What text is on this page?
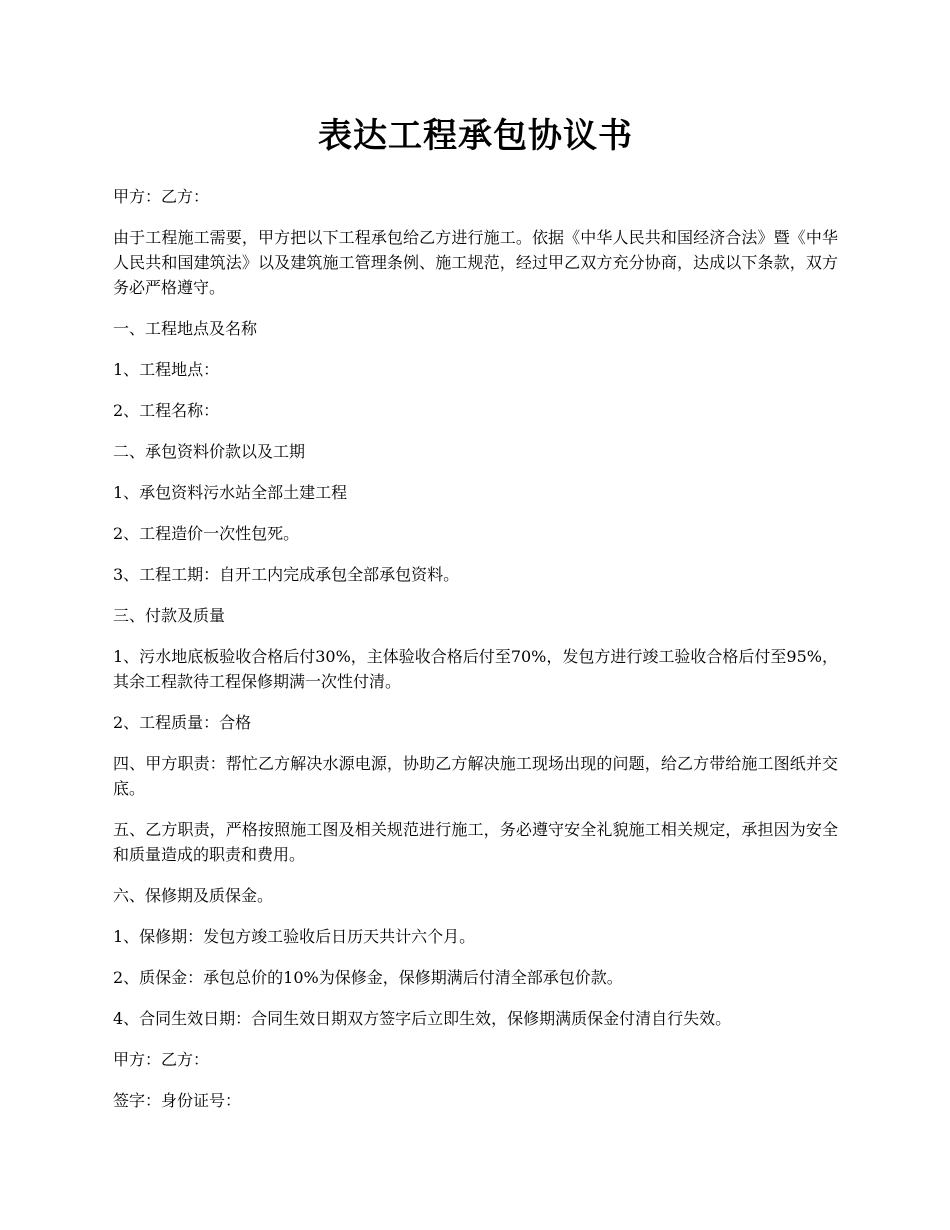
表达工程承包协议书

甲方：乙方：

由于工程施工需要，甲方把以下工程承包给乙方进行施工。依据《中华人民共和国经济合法》暨《中华人民共和国建筑法》以及建筑施工管理条例、施工规范，经过甲乙双方充分协商，达成以下条款，双方务必严格遵守。

一、工程地点及名称

1、工程地点：

2、工程名称：

二、承包资料价款以及工期

1、承包资料污水站全部土建工程

2、工程造价一次性包死。

3、工程工期：自开工内完成承包全部承包资料。

三、付款及质量

1、污水地底板验收合格后付30%，主体验收合格后付至70%，发包方进行竣工验收合格后付至95%，其余工程款待工程保修期满一次性付清。

2、工程质量：合格

四、甲方职责：帮忙乙方解决水源电源，协助乙方解决施工现场出现的问题，给乙方带给施工图纸并交底。

五、乙方职责，严格按照施工图及相关规范进行施工，务必遵守安全礼貌施工相关规定，承担因为安全和质量造成的职责和费用。

六、保修期及质保金。

1、保修期：发包方竣工验收后日历天共计六个月。

2、质保金：承包总价的10%为保修金，保修期满后付清全部承包价款。

4、合同生效日期：合同生效日期双方签字后立即生效，保修期满质保金付清自行失效。

甲方：乙方：

签字：身份证号：
